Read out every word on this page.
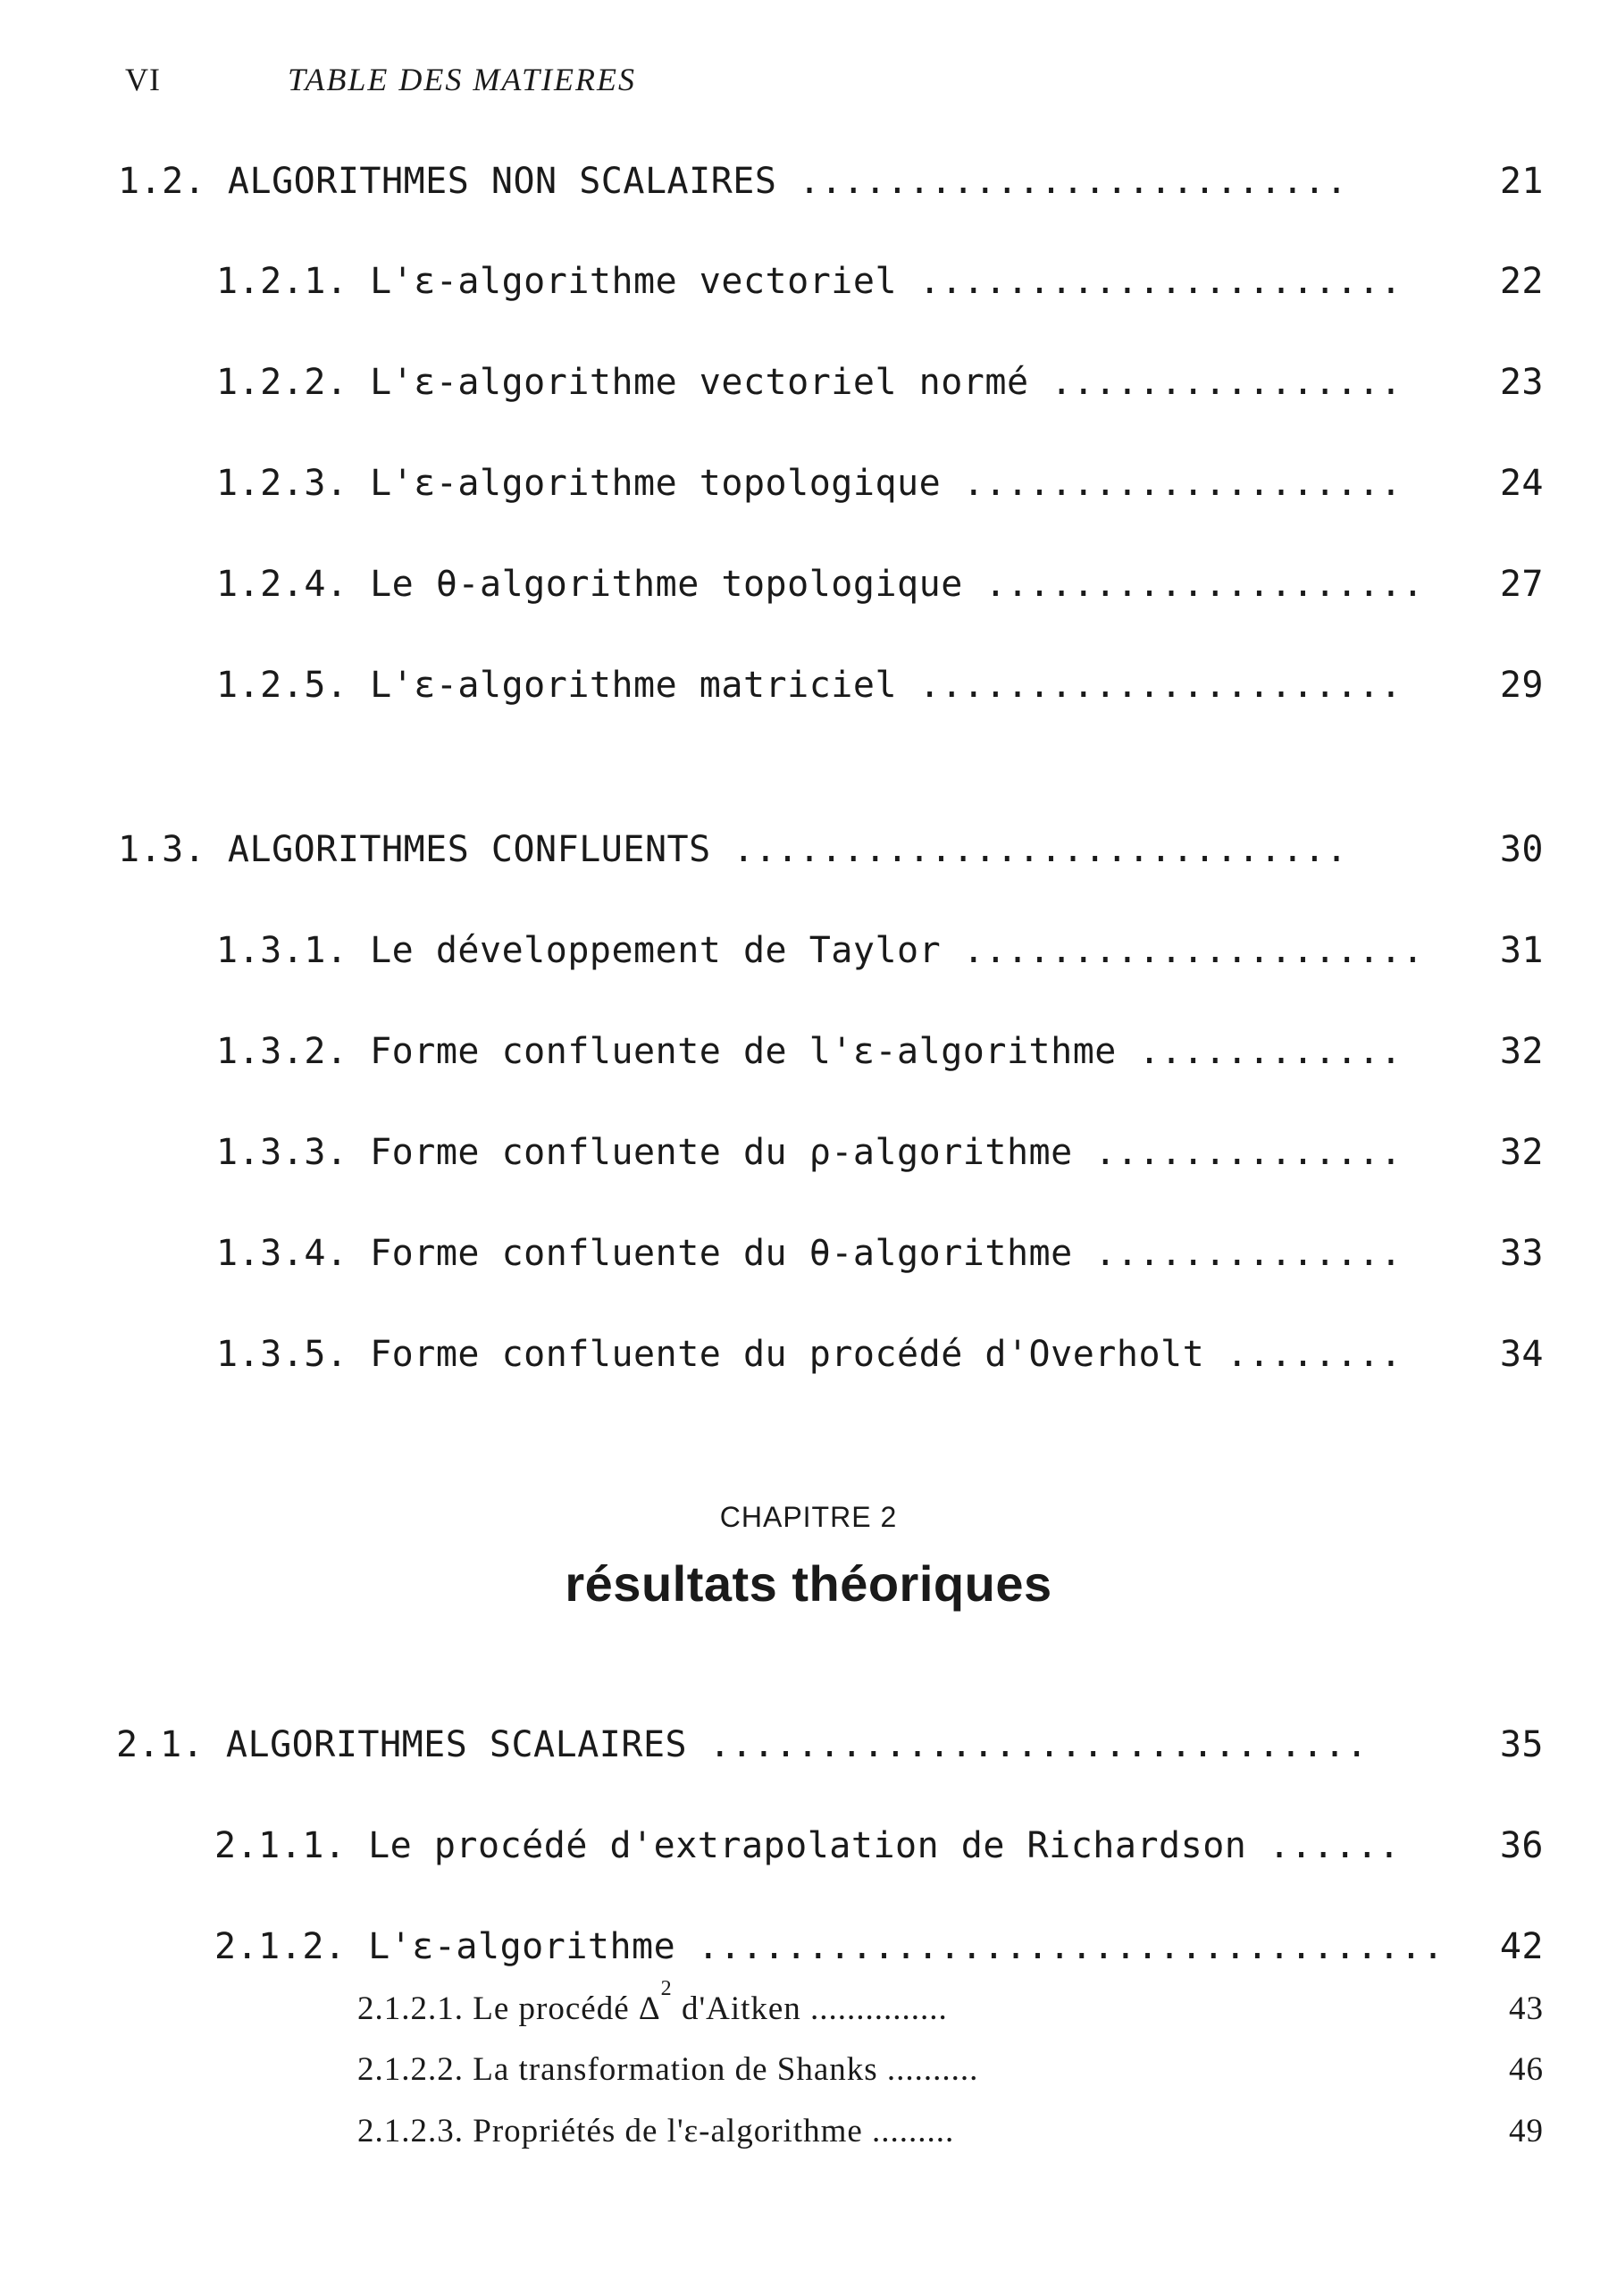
VI	TABLE DES MATIERES
1.2. ALGORITHMES NON SCALAIRES .........................	21
1.2.1. L'ε-algorithme vectoriel ......................	22
1.2.2. L'ε-algorithme vectoriel normé ................	23
1.2.3. L'ε-algorithme topologique ....................	24
1.2.4. Le θ-algorithme topologique ....................	27
1.2.5. L'ε-algorithme matriciel ......................	29
1.3. ALGORITHMES CONFLUENTS ............................	30
1.3.1. Le développement de Taylor .....................	31
1.3.2. Forme confluente de l'ε-algorithme ............	32
1.3.3. Forme confluente du ρ-algorithme ..............	32
1.3.4. Forme confluente du θ-algorithme ..............	33
1.3.5. Forme confluente du procédé d'Overholt ........	34
CHAPITRE 2
résultats théoriques
2.1. ALGORITHMES SCALAIRES ..............................	35
2.1.1. Le procédé d'extrapolation de Richardson ......	36
2.1.2. L'ε-algorithme ..................................	42
2.1.2.1. Le procédé $\Delta^2$ d'Aitken ...............	43
2.1.2.2. La transformation de Shanks ..........	46
2.1.2.3. Propriétés de l'ε-algorithme .........	49
